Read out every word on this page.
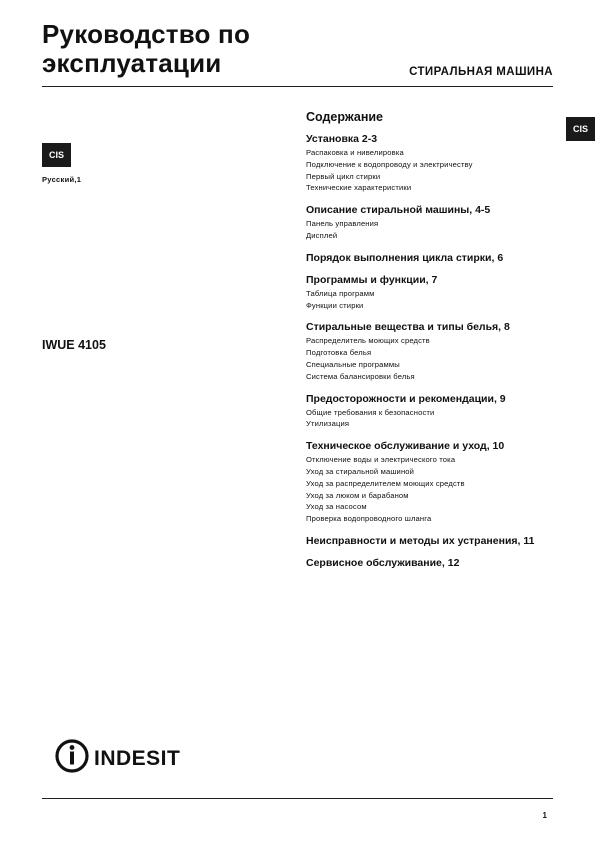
Руководство по
эксплуатации	СТИРАЛЬНАЯ МАШИНА
CIS
Русский,1
IWUE 4105
CIS
Содержание
Установка 2-3
Распаковка и нивелировка
Подключение к водопроводу и электричеству
Первый цикл стирки
Технические характеристики
Описание стиральной машины, 4-5
Панель управления
Дисплей
Порядок выполнения цикла стирки, 6
Программы и функции, 7
Таблица программ
Функции стирки
Стиральные вещества и типы белья, 8
Распределитель моющих средств
Подготовка белья
Специальные программы
Система балансировки белья
Предосторожности и рекомендации, 9
Общие требования к безопасности
Утилизация
Техническое обслуживание и уход, 10
Отключение воды и электрического тока
Уход за стиральной машиной
Уход за распределителем моющих средств
Уход за люком и барабаном
Уход за насосом
Проверка водопроводного шланга
Неисправности и методы их устранения, 11
Сервисное обслуживание, 12
INDESIT
1
